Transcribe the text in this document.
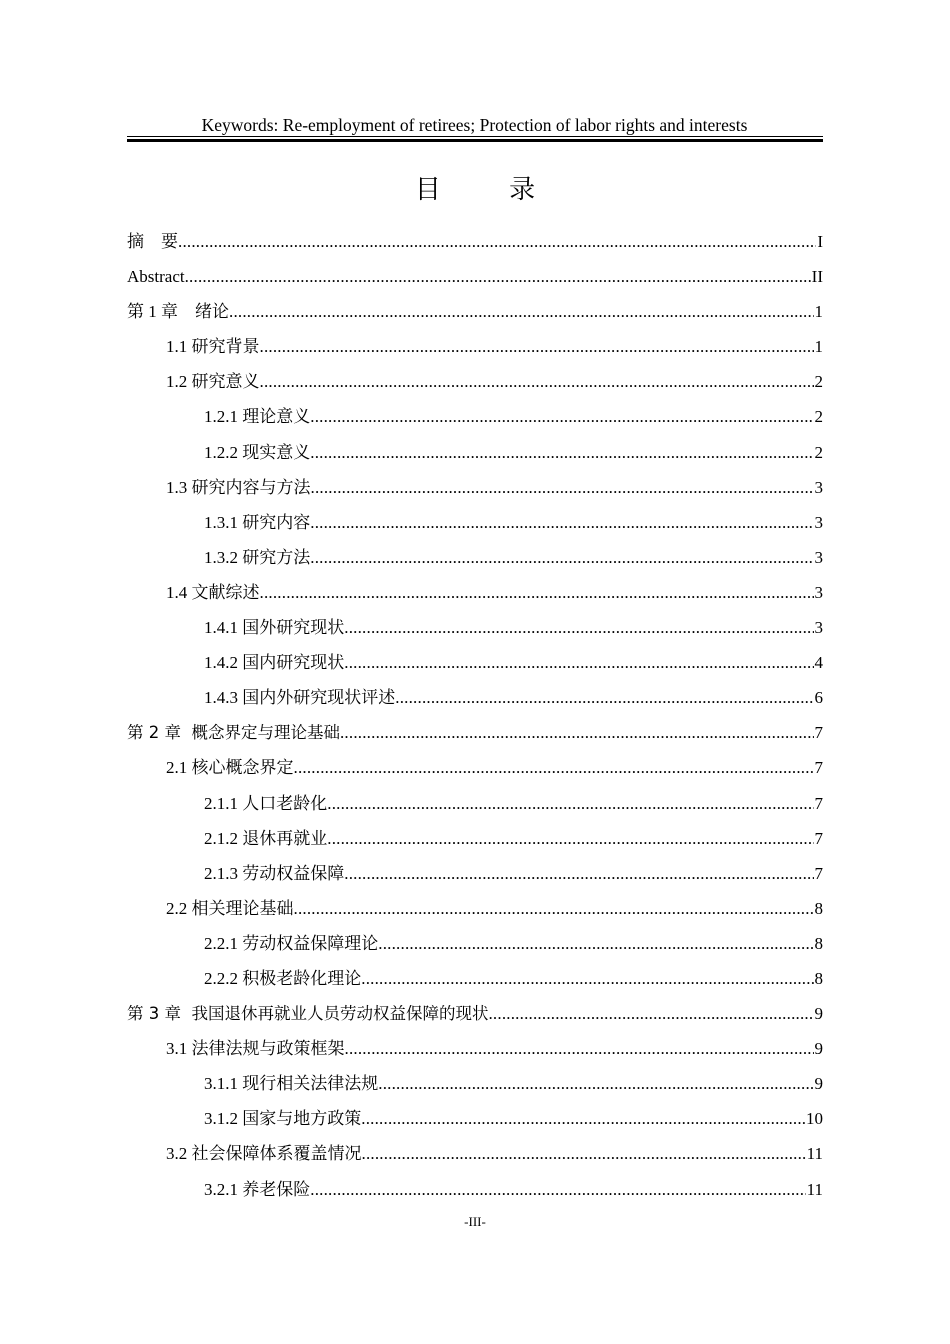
Keywords: Re-employment of retirees; Protection of labor rights and interests
目 录
摘　要 .....	I
Abstract .....	II
第 1 章　绪论 .....	1
1.1 研究背景 .....	1
1.2 研究意义 .....	2
1.2.1 理论意义 .....	2
1.2.2 现实意义 .....	2
1.3 研究内容与方法 .....	3
1.3.1 研究内容 .....	3
1.3.2 研究方法 .....	3
1.4 文献综述 .....	3
1.4.1 国外研究现状 .....	3
1.4.2 国内研究现状 .....	4
1.4.3 国内外研究现状评述 .....	6
第 2 章  概念界定与理论基础 .....	7
2.1 核心概念界定 .....	7
2.1.1 人口老龄化 .....	7
2.1.2 退休再就业 .....	7
2.1.3 劳动权益保障 .....	7
2.2 相关理论基础 .....	8
2.2.1 劳动权益保障理论 .....	8
2.2.2 积极老龄化理论 .....	8
第 3 章  我国退休再就业人员劳动权益保障的现状 .....	9
3.1 法律法规与政策框架 .....	9
3.1.1 现行相关法律法规 .....	9
3.1.2 国家与地方政策 .....	10
3.2 社会保障体系覆盖情况 .....	11
3.2.1 养老保险 .....	11
-III-
